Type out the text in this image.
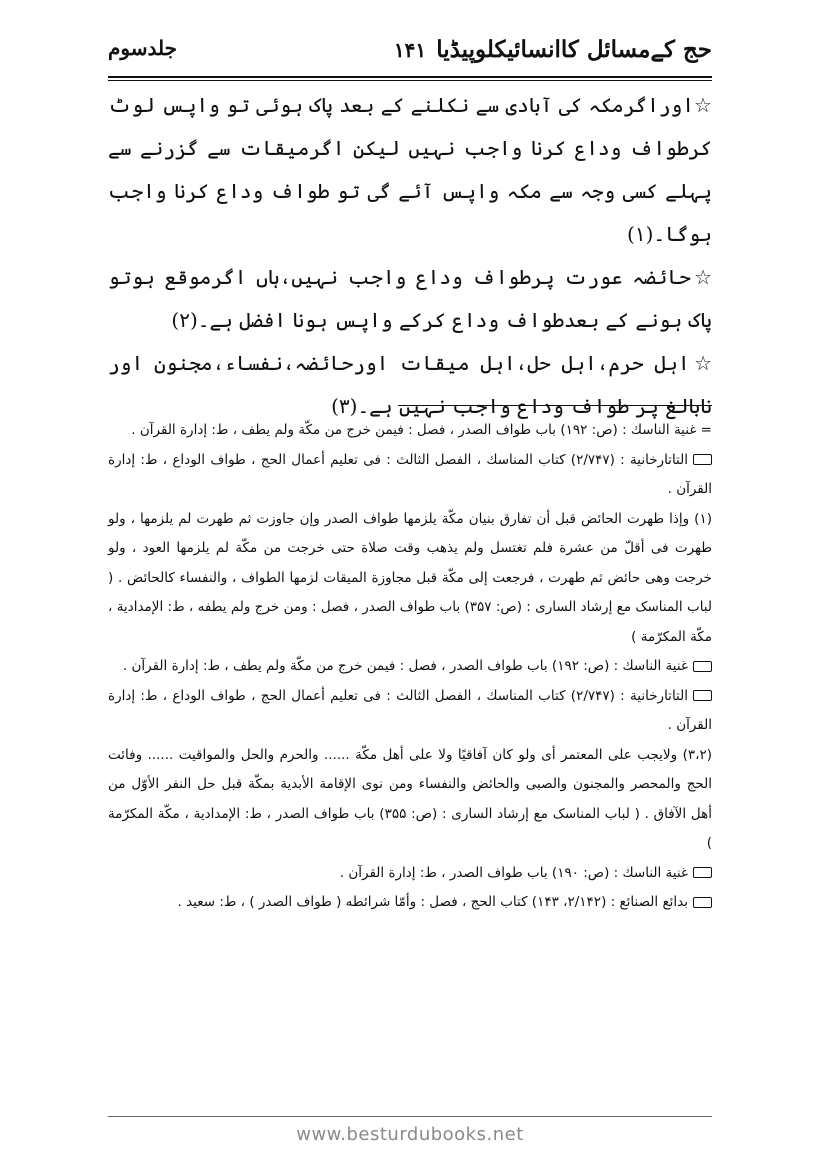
حج کےمسائل کاانسائیکلوپیڈیا
۱۴۱
جلدسوم

☆اوراگرمکہ کی آبادی سے نکلنے کے بعد پاک ہوئی تو واپس لوٹ کرطواف وداع کرنا واجب نہیں لیکن اگرمیقات سے گزرنے سے پہلے کسی وجہ سے مکہ واپس آئے گی تو طواف وداع کرنا واجب ہوگا۔(۱)

☆حائضہ عورت پرطواف وداع واجب نہیں،ہاں اگرموقع ہوتو پاک ہونے کے بعدطواف وداع کرکے واپس ہونا افضل ہے۔(۲)

☆اہل حرم،اہل حل،اہل میقات اورحائضہ،نفساء،مجنون اور نابالغ پر طواف وداع واجب نہیں ہے۔(۳)

= غنية الناسك : (ص: ۱۹۲) باب طواف الصدر ، فصل : فيمن خرج من مكّة ولم يطف ، ط: إدارة القرآن .

التاتارخانية : (۲/۷۴۷) كتاب المناسك ، الفصل الثالث : فی تعلیم أعمال الحج ، طواف الوداع ، ط: إدارة القرآن .

(۱) وإذا طهرت الحائض قبل أن تفارق بنيان مكّة يلزمها طواف الصدر وإن جاوزت ثم طهرت لم يلزمها ، ولو طهرت فی أقلّ من عشرة فلم تغتسل ولم يذهب وقت صلاة حتى خرجت من مكّة لم يلزمها العود ، ولو خرجت وهی حائض ثم طهرت ، فرجعت إلى مكّة قبل مجاوزة الميقات لزمها الطواف ، والنفساء كالحائض . ( لباب المناسک مع إرشاد الساری : (ص: ۳۵۷) باب طواف الصدر ، فصل : ومن خرج ولم يطفه ، ط: الإمدادية ، مكّة المكرّمة )

غنية الناسك : (ص: ۱۹۲) باب طواف الصدر ، فصل : فيمن خرج من مكّة ولم يطف ، ط: إدارة القرآن .

التاتارخانية : (۲/۷۴۷) كتاب المناسك ، الفصل الثالث : فی تعلیم أعمال الحج ، طواف الوداع ، ط: إدارة القرآن .

(۳،۲) ولايجب على المعتمر أی ولو كان آفاقيًا ولا على أهل مكّة ...... والحرم والحل والمواقيت ...... وفائت الحج والمحصر والمجنون والصبی والحائض والنفساء ومن نوى الإقامة الأبدية بمكّة قبل حل النفر الأوّل من أهل الآفاق . ( لباب المناسک مع إرشاد الساری : (ص: ۳۵۵) باب طواف الصدر ، ط: الإمدادية ، مكّة المكرّمة )

غنية الناسك : (ص: ۱۹۰) باب طواف الصدر ، ط: إدارة القرآن .

بدائع الصنائع : (۲/۱۴۲، ۱۴۳) كتاب الحج ، فصل : وأمّا شرائطه ( طواف الصدر ) ، ط: سعيد .

www.besturdubooks.net
